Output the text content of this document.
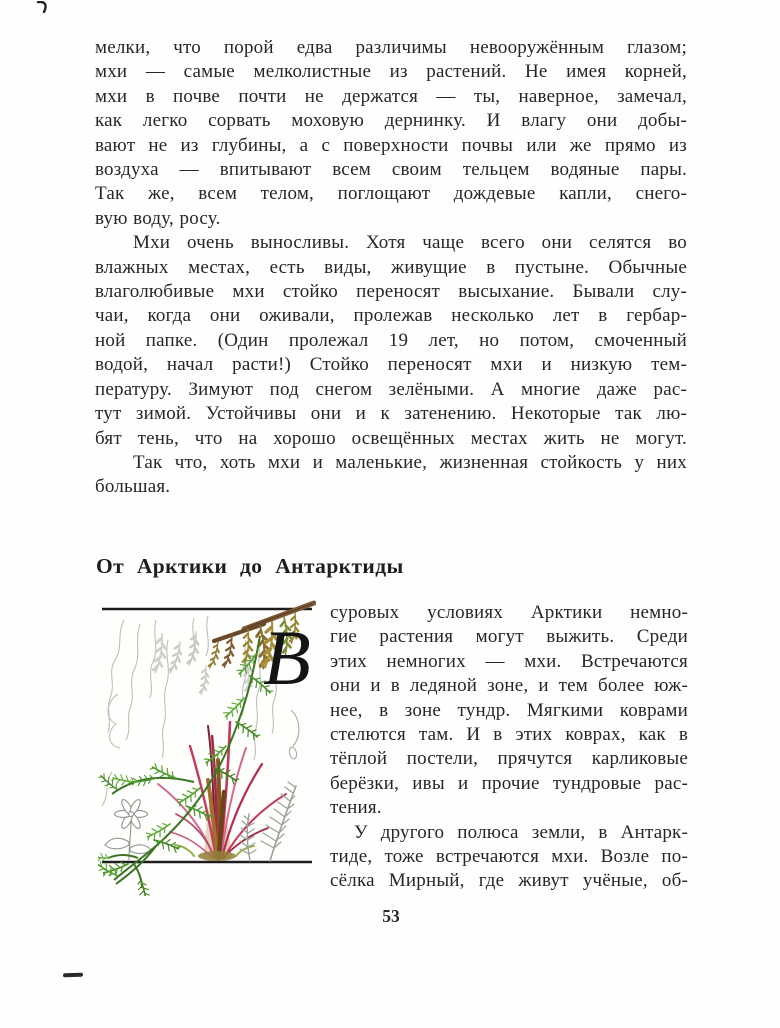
мелки, что порой едва различимы невооружённым глазом;
мхи — самые мелколистные из растений. Не имея корней,
мхи в почве почти не держатся — ты, наверное, замечал,
как легко сорвать моховую дернинку. И влагу они добы-
вают не из глубины, а с поверхности почвы или же прямо из
воздуха — впитывают всем своим тельцем водяные пары.
Так же, всем телом, поглощают дождевые капли, снего-
вую воду, росу.
Мхи очень выносливы. Хотя чаще всего они селятся во
влажных местах, есть виды, живущие в пустыне. Обычные
влаголюбивые мхи стойко переносят высыхание. Бывали слу-
чаи, когда они оживали, пролежав несколько лет в гербар-
ной папке. (Один пролежал 19 лет, но потом, смоченный
водой, начал расти!) Стойко переносят мхи и низкую тем-
пературу. Зимуют под снегом зелёными. А многие даже рас-
тут зимой. Устойчивы они и к затенению. Некоторые так лю-
бят тень, что на хорошо освещённых местах жить не могут.
Так что, хоть мхи и маленькие, жизненная стойкость у них
большая.
От Арктики до Антарктиды
В
суровых условиях Арктики немно-
гие растения могут выжить. Среди
этих немногих — мхи. Встречаются
они и в ледяной зоне, и тем более юж-
нее, в зоне тундр. Мягкими коврами
стелются там. И в этих коврах, как в
тёплой постели, прячутся карликовые
берёзки, ивы и прочие тундровые рас-
тения.
У другого полюса земли, в Антарк-
тиде, тоже встречаются мхи. Возле по-
сёлка Мирный, где живут учёные, об-
53
